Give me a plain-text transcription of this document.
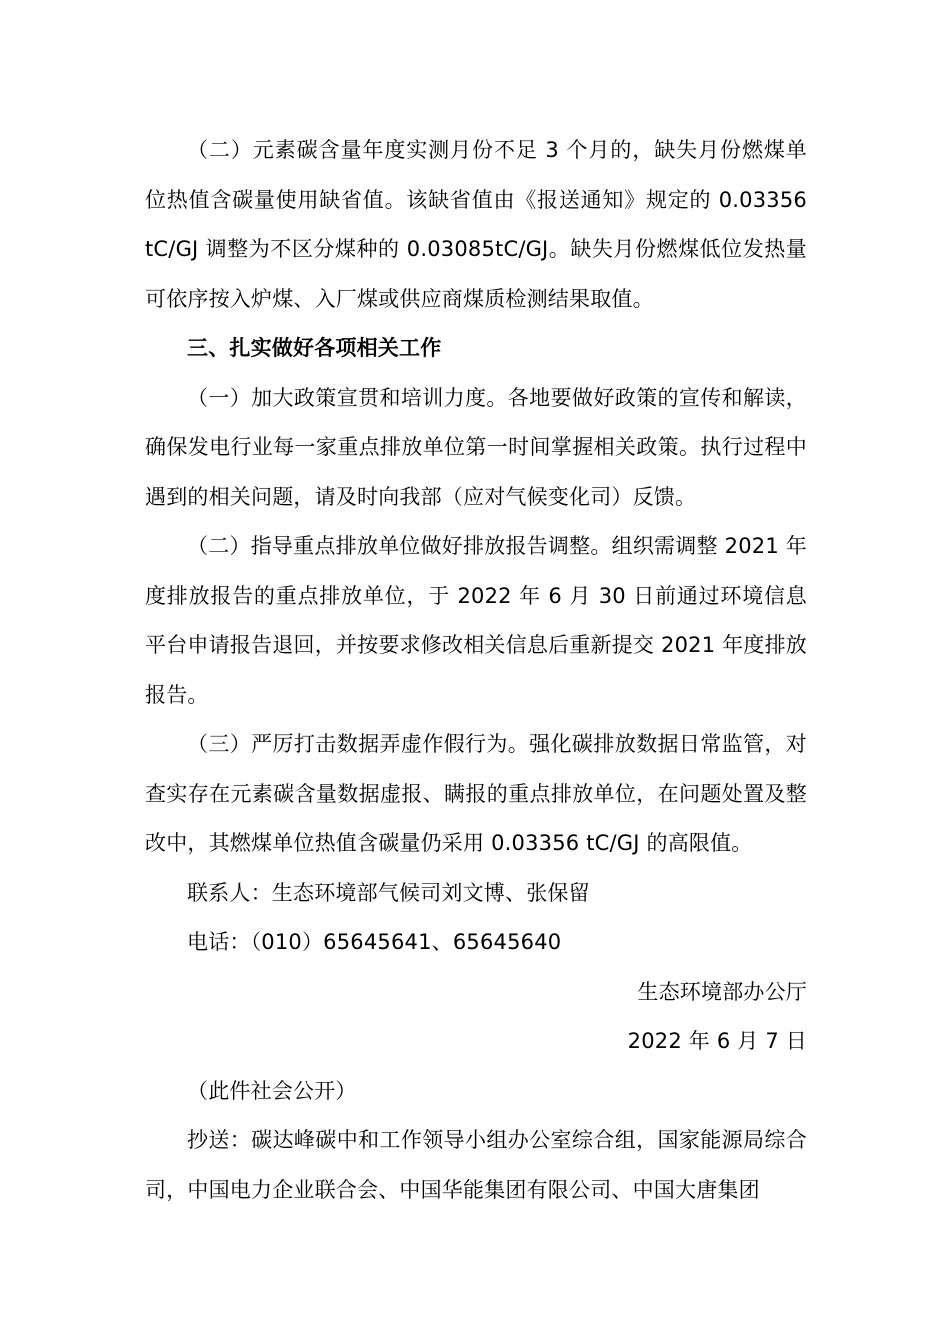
（二）元素碳含量年度实测月份不足 3 个月的，缺失月份燃煤单位热值含碳量使用缺省值。该缺省值由《报送通知》规定的 0.03356 tC/GJ 调整为不区分煤种的 0.03085tC/GJ。缺失月份燃煤低位发热量可依序按入炉煤、入厂煤或供应商煤质检测结果取值。

三、扎实做好各项相关工作

（一）加大政策宣贯和培训力度。各地要做好政策的宣传和解读，确保发电行业每一家重点排放单位第一时间掌握相关政策。执行过程中遇到的相关问题，请及时向我部（应对气候变化司）反馈。

（二）指导重点排放单位做好排放报告调整。组织需调整 2021 年度排放报告的重点排放单位，于 2022 年 6 月 30 日前通过环境信息平台申请报告退回，并按要求修改相关信息后重新提交 2021 年度排放报告。

（三）严厉打击数据弄虚作假行为。强化碳排放数据日常监管，对查实存在元素碳含量数据虚报、瞒报的重点排放单位，在问题处置及整改中，其燃煤单位热值含碳量仍采用 0.03356 tC/GJ 的高限值。

联系人：生态环境部气候司刘文博、张保留

电话：（010）65645641、65645640

生态环境部办公厅

2022 年 6 月 7 日

（此件社会公开）

抄送：碳达峰碳中和工作领导小组办公室综合组，国家能源局综合司，中国电力企业联合会、中国华能集团有限公司、中国大唐集团
